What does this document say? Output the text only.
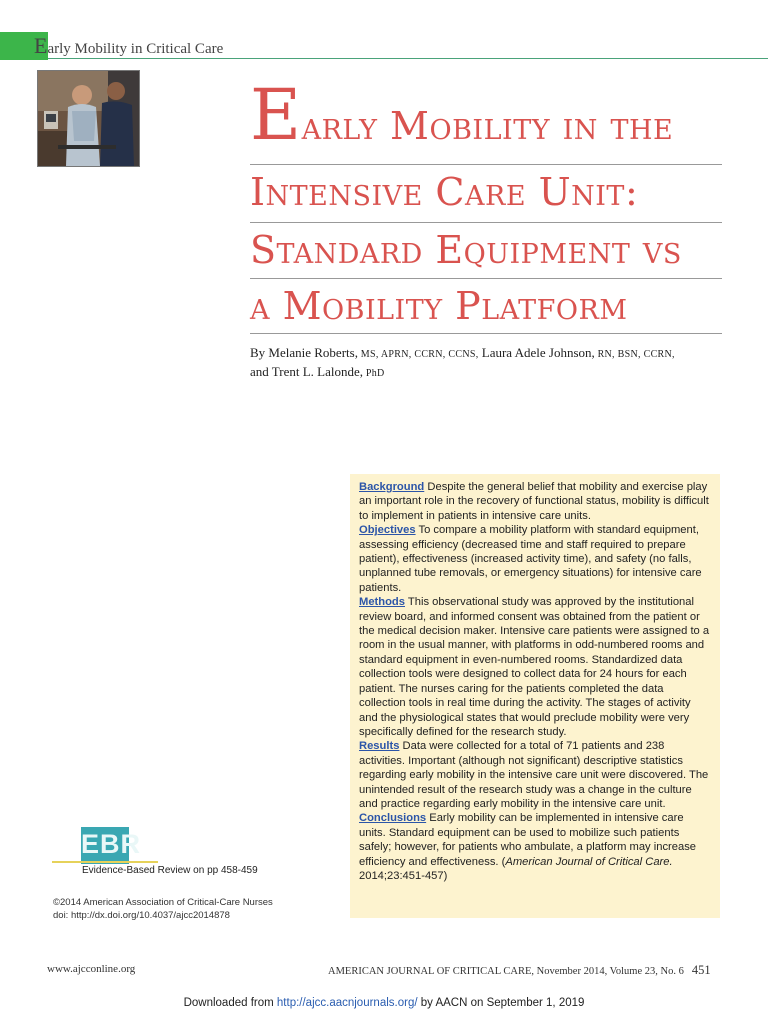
Early Mobility in Critical Care
Early Mobility in the
Intensive Care Unit:
Standard Equipment vs
a Mobility Platform
By Melanie Roberts, MS, APRN, CCRN, CCNS, Laura Adele Johnson, RN, BSN, CCRN,
and Trent L. Lalonde, PhD

Background Despite the general belief that mobility and exercise play an important role in the recovery of functional status, mobility is difficult to implement in patients in intensive care units.

Objectives To compare a mobility platform with standard equipment, assessing efficiency (decreased time and staff required to prepare patient), effectiveness (increased activity time), and safety (no falls, unplanned tube removals, or emergency situations) for intensive care patients.

Methods This observational study was approved by the institutional review board, and informed consent was obtained from the patient or the medical decision maker. Intensive care patients were assigned to a room in the usual manner, with platforms in odd-numbered rooms and standard equipment in even-numbered rooms. Standardized data collection tools were designed to collect data for 24 hours for each patient. The nurses caring for the patients completed the data collection tools in real time during the activity. The stages of activity and the physiological states that would preclude mobility were very specifically defined for the research study.

Results Data were collected for a total of 71 patients and 238 activities. Important (although not significant) descriptive statistics regarding early mobility in the intensive care unit were discovered. The unintended result of the research study was a change in the culture and practice regarding early mobility in the intensive care unit.

Conclusions Early mobility can be implemented in intensive care units. Standard equipment can be used to mobilize such patients safely; however, for patients who ambulate, a platform may increase efficiency and effectiveness. (American Journal of Critical Care. 2014;23:451-457)

EBR
Evidence-Based Review on pp 458-459
©2014 American Association of Critical-Care Nurses
doi: http://dx.doi.org/10.4037/ajcc2014878
www.ajcconline.org	AMERICAN JOURNAL OF CRITICAL CARE, November 2014, Volume 23, No. 6 451
Downloaded from http://ajcc.aacnjournals.org/ by AACN on September 1, 2019
